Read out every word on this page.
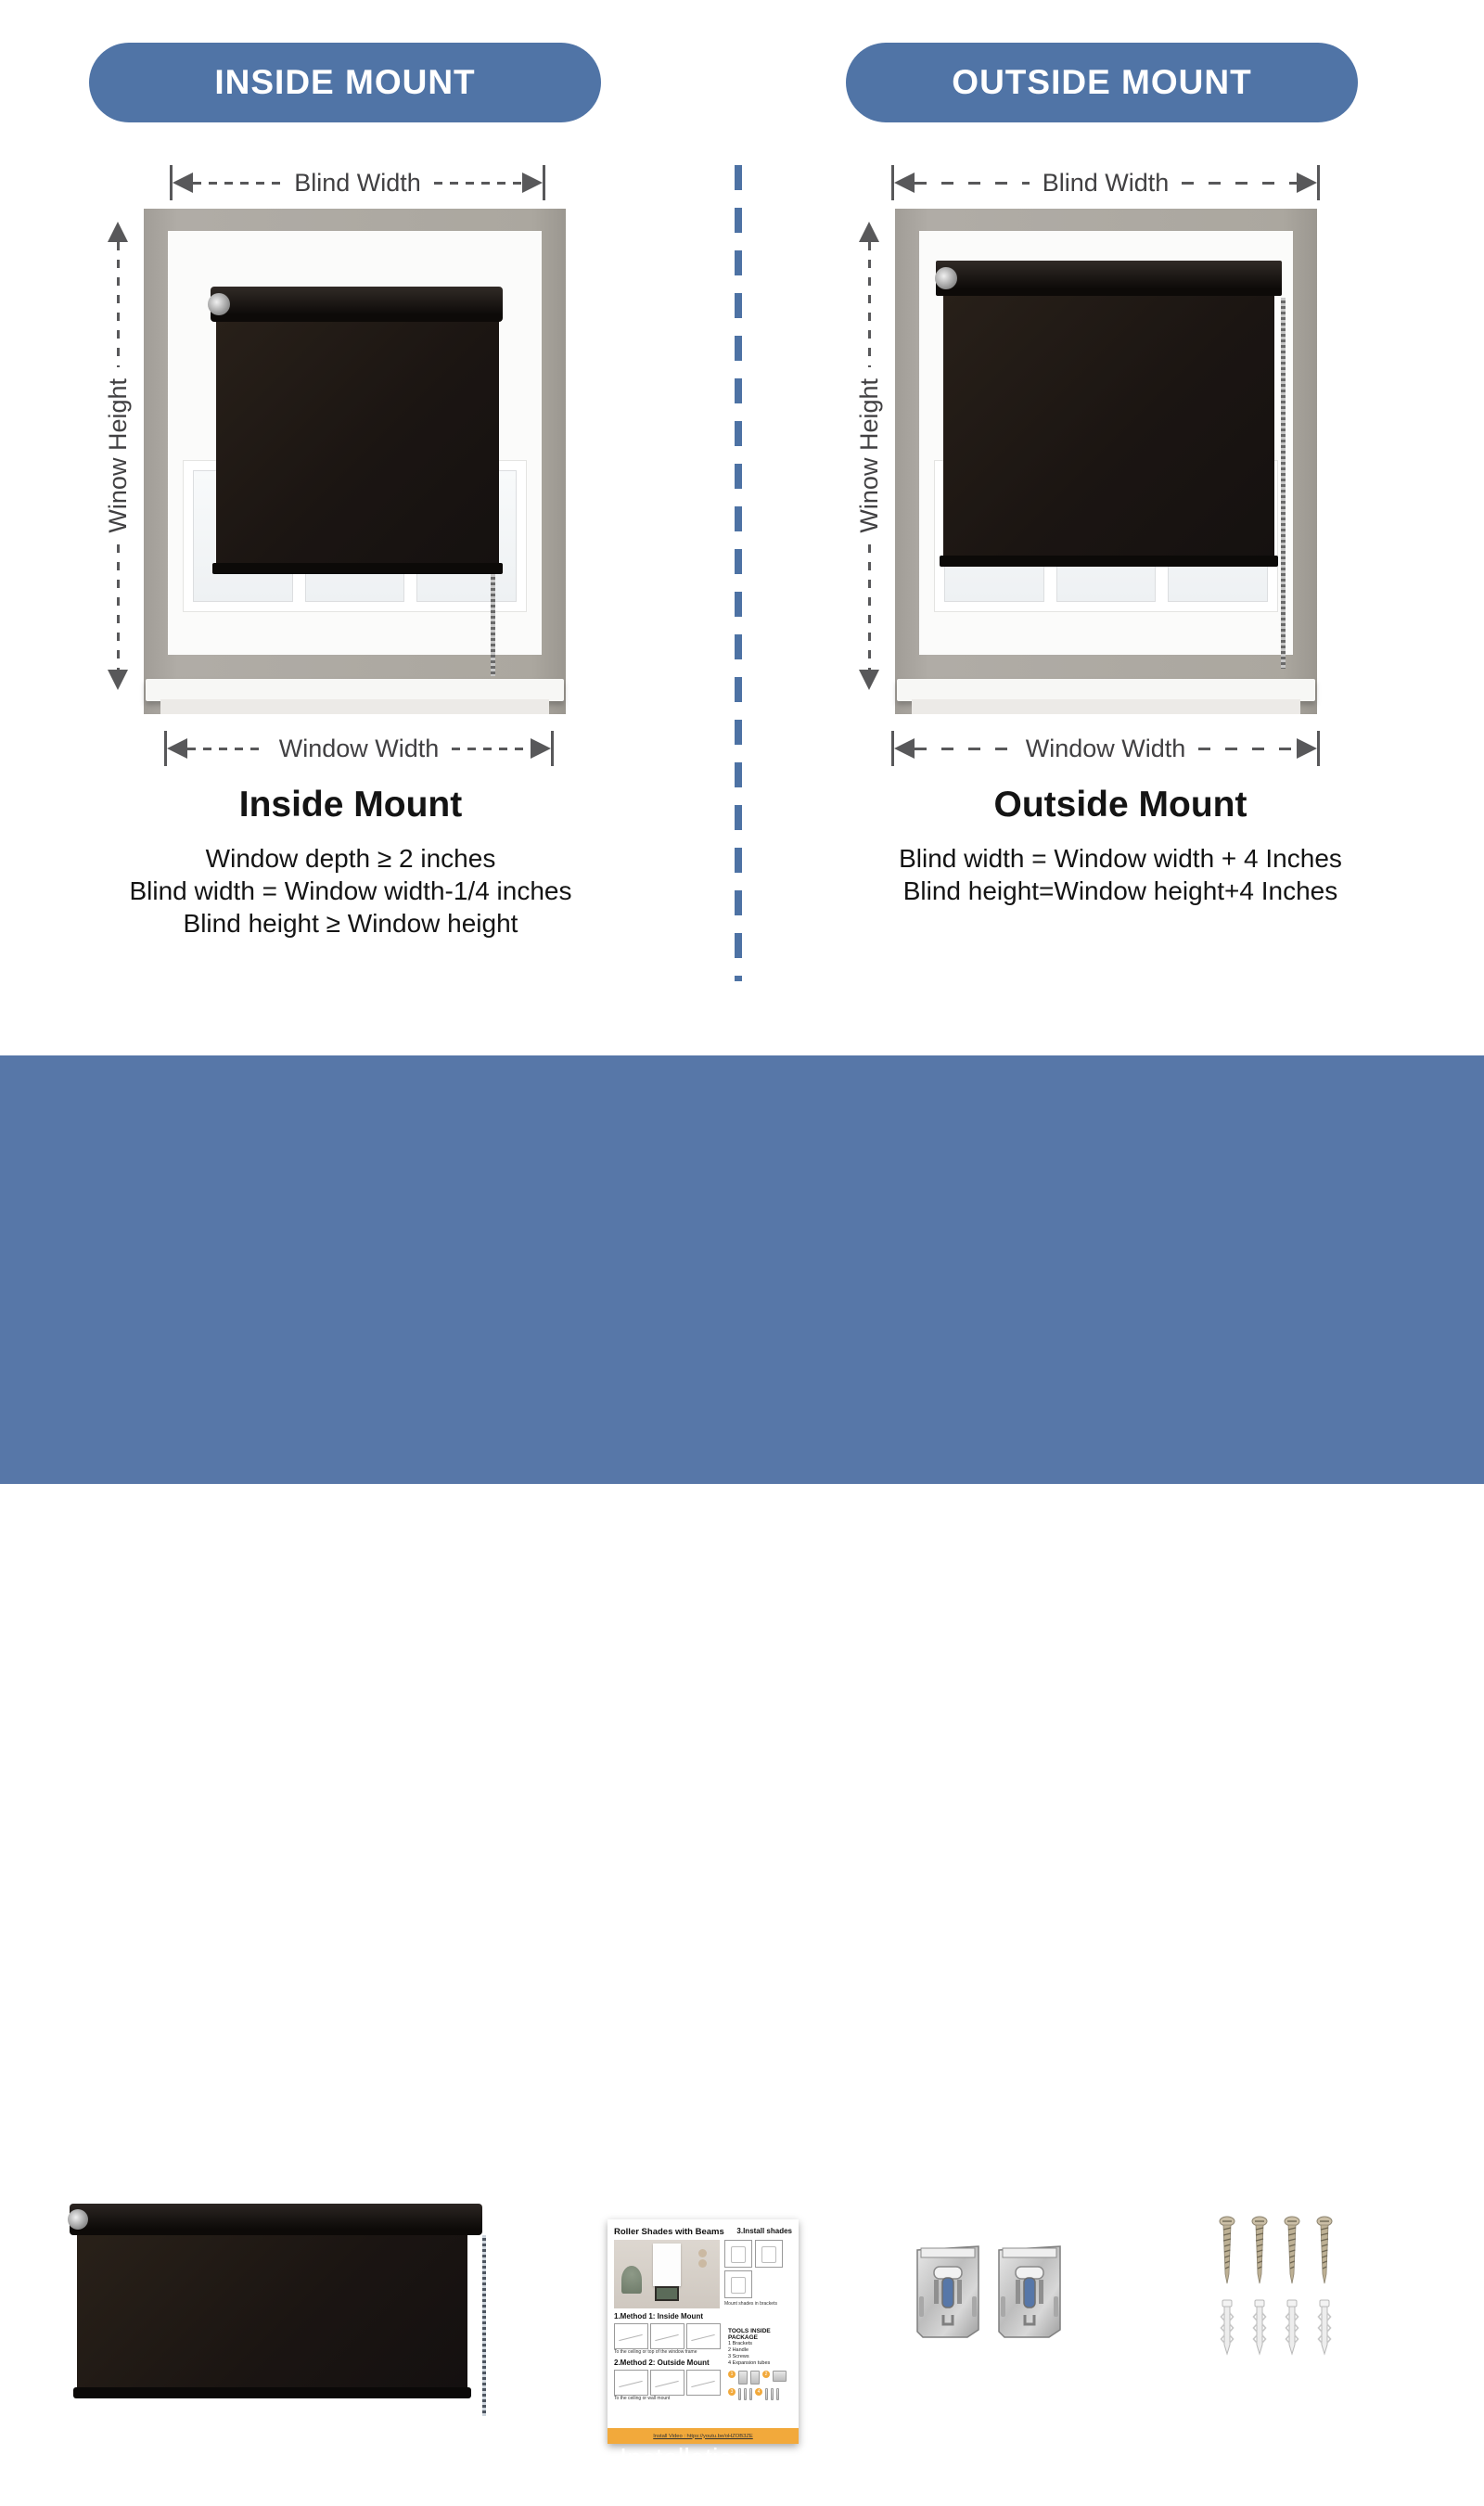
INSIDE MOUNT	OUTSIDE MOUNT
Blind Width
Winow Height
Window Width
Blind Width
Winow Height
Window Width
Inside Mount
Window depth ≥ 2 inches
Blind width = Window width-1/4 inches
Blind height ≥ Window height
Outside Mount
Blind width = Window width + 4 Inches
Blind height=Window height+4 Inches
PACKAGE INCLUDES:
Roller Shades with Beams 3.Install shades
Mount shades in brackets
1.Method 1: Inside Mount
To the ceiling or top of the window frame
2.Method 2: Outside Mount
To the ceiling or wall mount
TOOLS INSIDE PACKAGE
1 Brackets
2 Handle
3 Screws
4 Expansion tubes
1	2
3	4
Install Video : https://youtu.be/oHZOB3ZE
Roller Blind with bead chain ×1	Installation
instruction ×1
Brackets x2	Screws x8
